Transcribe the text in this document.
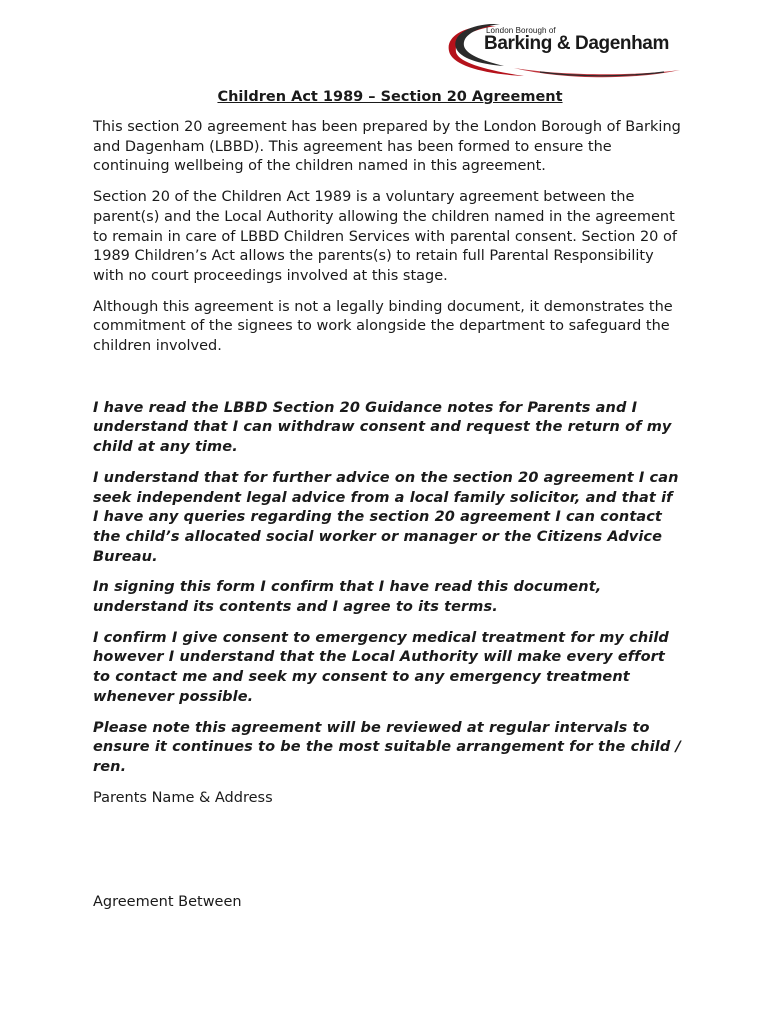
London Borough of
Barking & Dagenham
Children Act 1989 – Section 20 Agreement

This section 20 agreement has been prepared by the London Borough of Barking and Dagenham (LBBD). This agreement has been formed to ensure the continuing wellbeing of the children named in this agreement.

Section 20 of the Children Act 1989 is a voluntary agreement between the parent(s) and the Local Authority allowing the children named in the agreement to remain in care of LBBD Children Services with parental consent. Section 20 of 1989 Children’s Act allows the parents(s) to retain full Parental Responsibility with no court proceedings involved at this stage.

Although this agreement is not a legally binding document, it demonstrates the commitment of the signees to work alongside the department to safeguard the children involved.

I have read the LBBD Section 20 Guidance notes for Parents and I understand that I can withdraw consent and request the return of my child at any time.

I understand that for further advice on the section 20 agreement I can seek independent legal advice from a local family solicitor, and that if I have any queries regarding the section 20 agreement I can contact the child’s allocated social worker or manager or the Citizens Advice Bureau.

In signing this form I confirm that I have read this document, understand its contents and I agree to its terms.

I confirm I give consent to emergency medical treatment for my child however I understand that the Local Authority will make every effort to contact me and seek my consent to any emergency treatment whenever possible.

Please note this agreement will be reviewed at regular intervals to ensure it continues to be the most suitable arrangement for the child / ren.

Parents Name & Address

Agreement Between
